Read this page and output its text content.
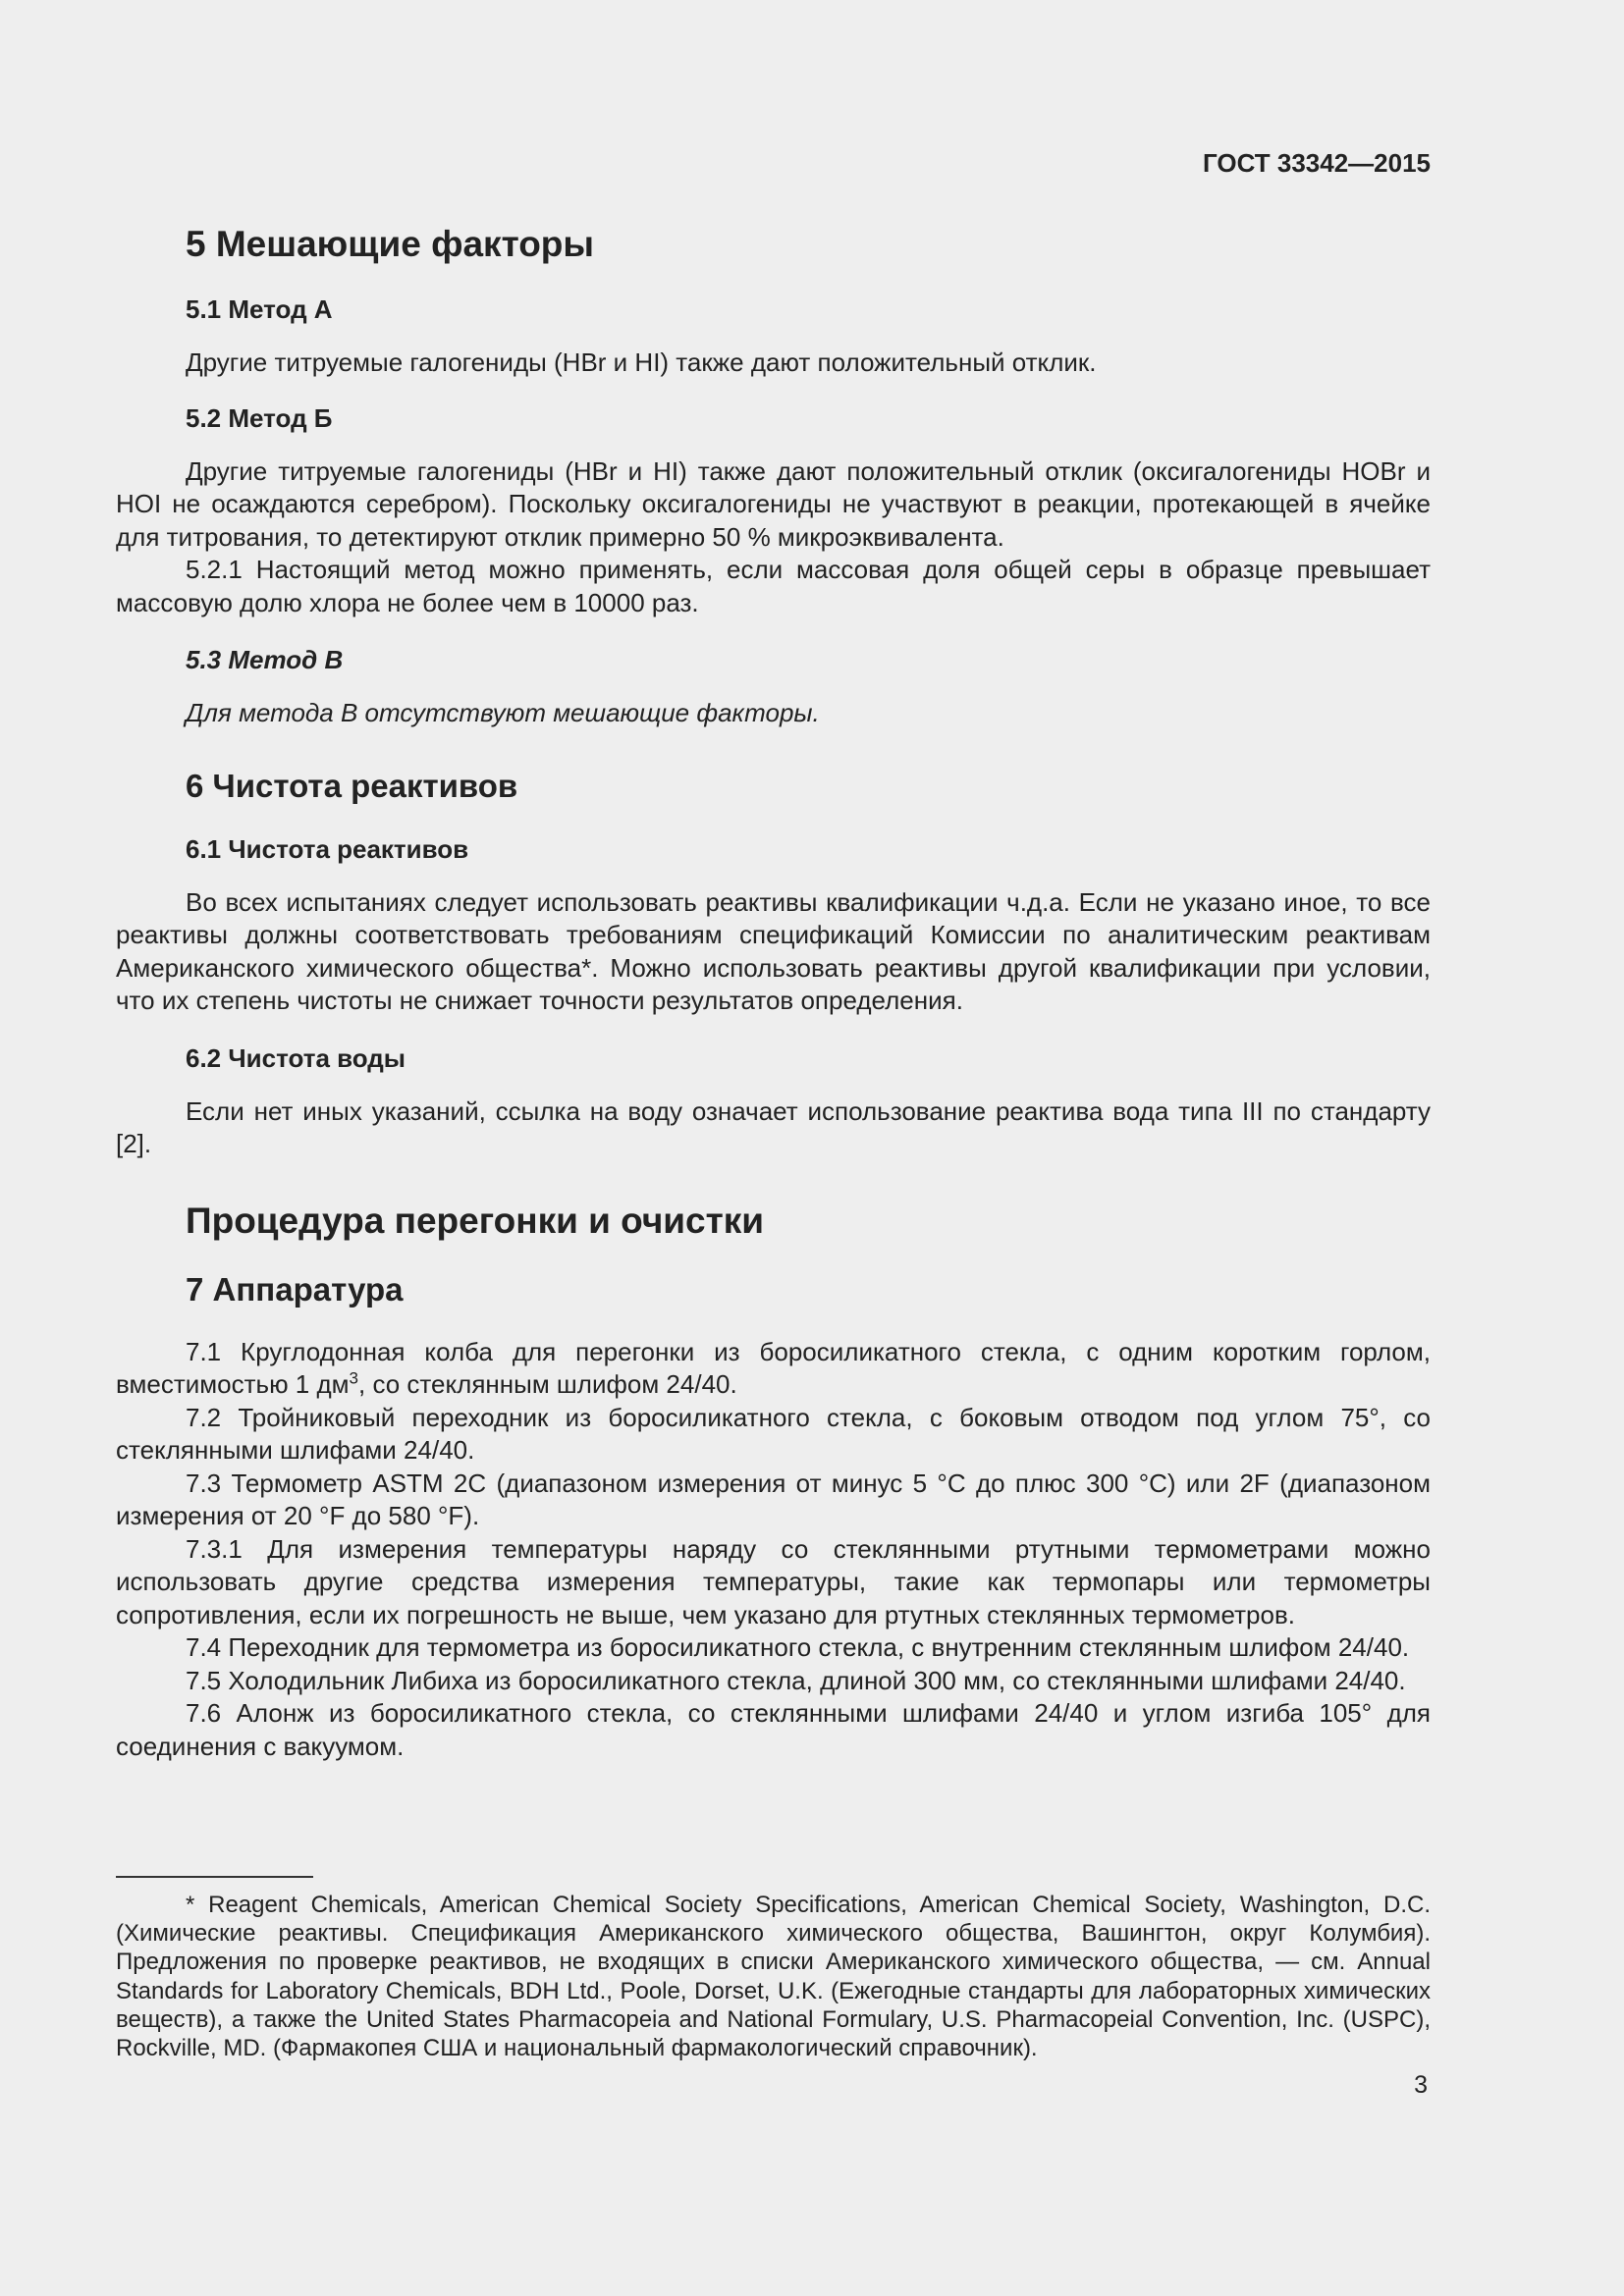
ГОСТ 33342—2015
5 Мешающие факторы
5.1 Метод А
Другие титруемые галогениды (HBr и HI) также дают положительный отклик.
5.2 Метод Б
Другие титруемые галогениды (HBr и HI) также дают положительный отклик (оксигалогениды HOBr и HOI не осаждаются серебром). Поскольку оксигалогениды не участвуют в реакции, протекающей в ячейке для титрования, то детектируют отклик примерно 50 % микроэквивалента.
5.2.1 Настоящий метод можно применять, если массовая доля общей серы в образце превышает массовую долю хлора не более чем в 10000 раз.
5.3 Метод В
Для метода В отсутствуют мешающие факторы.
6 Чистота реактивов
6.1 Чистота реактивов
Во всех испытаниях следует использовать реактивы квалификации ч.д.а. Если не указано иное, то все реактивы должны соответствовать требованиям спецификаций Комиссии по аналитическим реактивам Американского химического общества*. Можно использовать реактивы другой квалификации при условии, что их степень чистоты не снижает точности результатов определения.
6.2 Чистота воды
Если нет иных указаний, ссылка на воду означает использование реактива вода типа III по стандарту [2].
Процедура перегонки и очистки
7 Аппаратура
7.1 Круглодонная колба для перегонки из боросиликатного стекла, с одним коротким горлом, вместимостью 1 $дм^3$, со стеклянным шлифом 24/40.
7.2 Тройниковый переходник из боросиликатного стекла, с боковым отводом под углом 75°, со стеклянными шлифами 24/40.
7.3 Термометр ASTM 2C (диапазоном измерения от минус 5 °С до плюс 300 °С) или 2F (диапазоном измерения от 20 °F до 580 °F).
7.3.1 Для измерения температуры наряду со стеклянными ртутными термометрами можно использовать другие средства измерения температуры, такие как термопары или термометры сопротивления, если их погрешность не выше, чем указано для ртутных стеклянных термометров.
7.4 Переходник для термометра из боросиликатного стекла, с внутренним стеклянным шлифом 24/40.
7.5 Холодильник Либиха из боросиликатного стекла, длиной 300 мм, со стеклянными шлифами 24/40.
7.6 Алонж из боросиликатного стекла, со стеклянными шлифами 24/40 и углом изгиба 105° для соединения с вакуумом.
* Reagent Chemicals, American Chemical Society Specifications, American Chemical Society, Washington, D.C. (Химические реактивы. Спецификация Американского химического общества, Вашингтон, округ Колумбия). Предложения по проверке реактивов, не входящих в списки Американского химического общества, — см. Annual Standards for Laboratory Chemicals, BDH Ltd., Poole, Dorset, U.K. (Ежегодные стандарты для лабораторных химических веществ), а также the United States Pharmacopeia and National Formulary, U.S. Pharmacopeial Convention, Inc. (USPC), Rockville, MD. (Фармакопея США и национальный фармакологический справочник).
3
